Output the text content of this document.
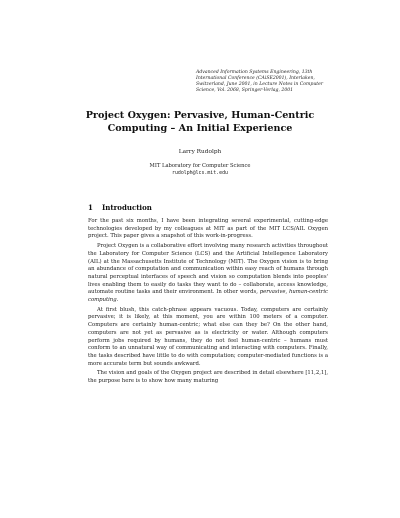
Advanced Information Systems Engineering, 13th International Conference (CAiSE2001), Interlaken, Switzerland, June 2001, in Lecture Notes in Computer Science, Vol. 2068, Springer-Verlag, 2001
Project Oxygen: Pervasive, Human-Centric Computing – An Initial Experience
Larry Rudolph
MIT Laboratory for Computer Science
rudolph@lcs.mit.edu
1 Introduction

For the past six months, I have been integrating several experimental, cutting-edge technologies developed by my colleagues at MIT as part of the MIT LCS/AIL Oxygen project. This paper gives a snapshot of this work-in-progress.

Project Oxygen is a collaborative effort involving many research activities throughout the Laboratory for Computer Science (LCS) and the Artificial Intellegence Laboratory (AIL) at the Massachusetts Institute of Technology (MIT). The Oxygen vision is to bring an abundance of computation and communication within easy reach of humans through natural perceptual interfaces of speech and vision so computation blends into peoples' lives enabling them to easily do tasks they want to do – collaborate, access knowledge, automate routine tasks and their environment. In other words, pervasive, human-centric computing.

At first blush, this catch-phrase appears vacuous. Today, computers are certainly pervasive; it is likely, at this moment, you are within 100 meters of a computer. Computers are certainly human-centric; what else can they be? On the other hand, computers are not yet as pervasive as is electricity or water. Although computers perform jobs required by humans, they do not feel human-centric – humans must conform to an unnatural way of communicating and interacting with computers. Finally, the tasks described have little to do with computation; computer-mediated functions is a more accurate term but sounds awkward.

The vision and goals of the Oxygen project are described in detail elsewhere [11,2,1], the purpose here is to show how many maturing
